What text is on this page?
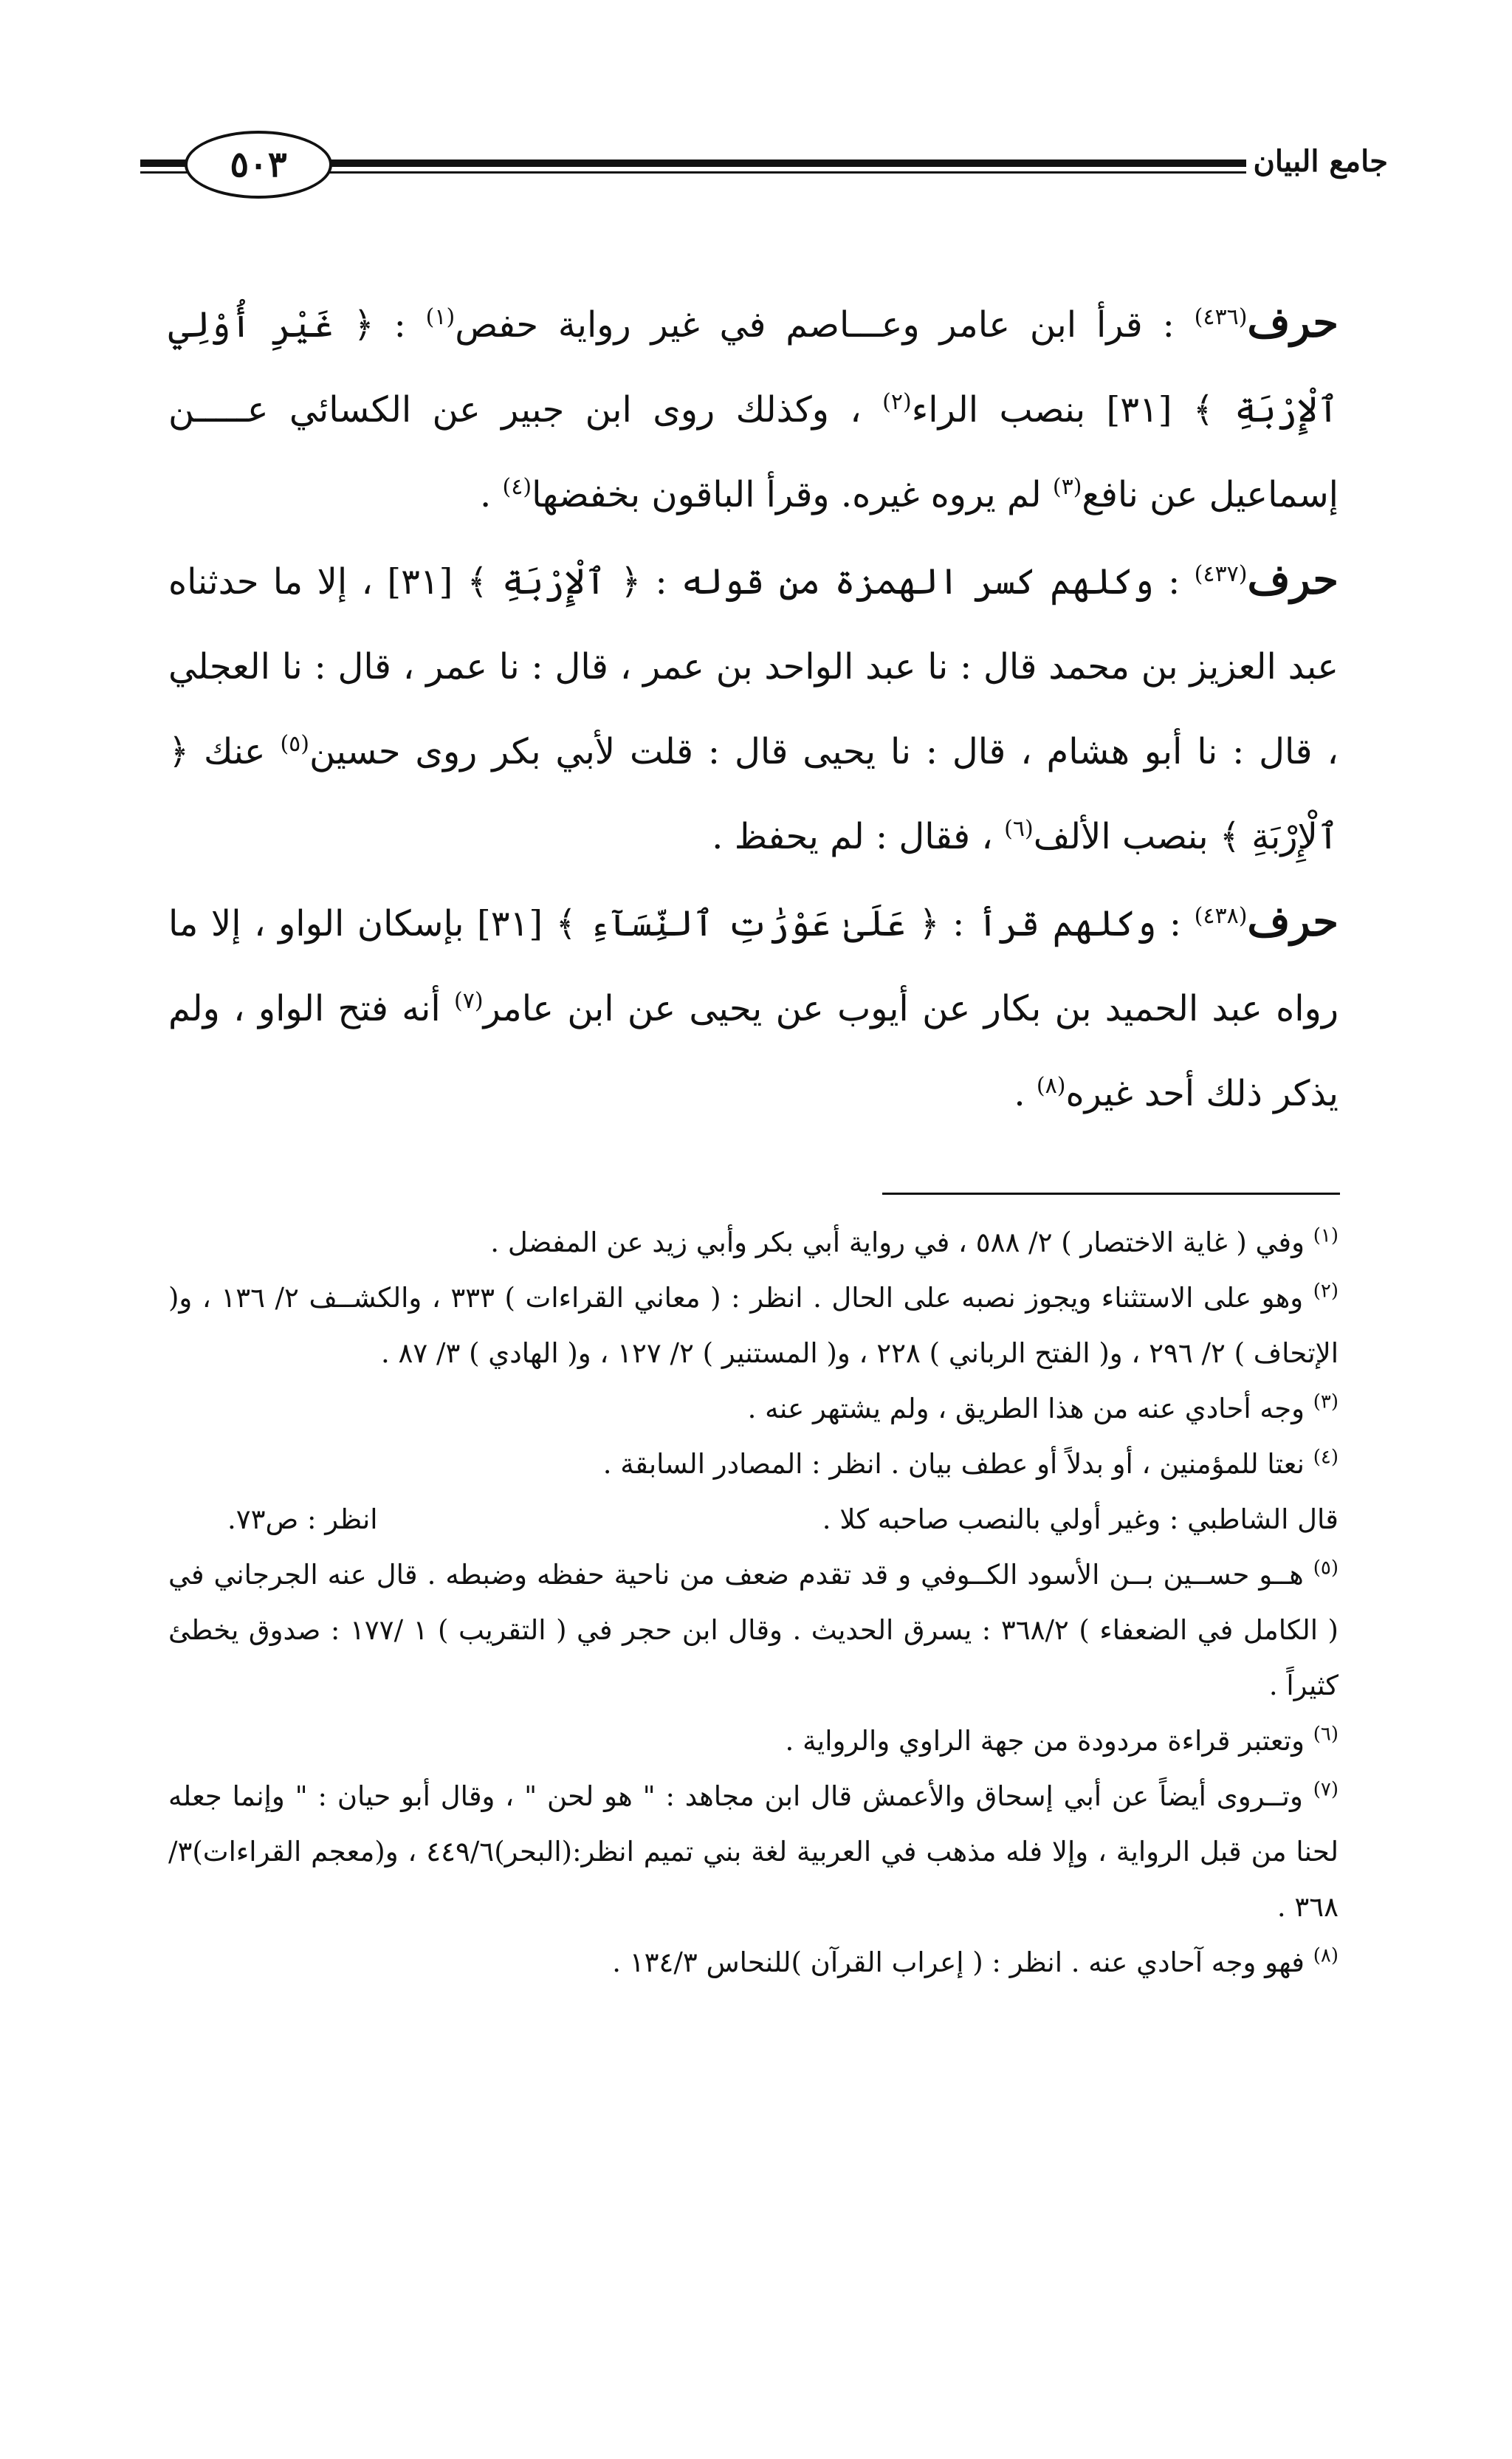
٥٠٣	جامع البيان

حرف$^{(٤٣٦)}$ : قرأ ابن عامر وعـــاصم في غير رواية حفص$^{(١)}$ : ﴿ غَيْرِ أُوْلِي ٱلْإِرْبَةِ ﴾ [٣١] بنصب الراء$^{(٢)}$ ، وكذلك روى ابن جبير عن الكسائي عـــــن إسماعيل عن نافع$^{(٣)}$ لم يروه غيره. وقرأ الباقون بخفضها$^{(٤)}$ .

حرف$^{(٤٣٧)}$ : وكلهم كسر الهمزة من قوله : ﴿ ٱلْإِرْبَةِ ﴾ [٣١] ، إلا ما حدثناه عبد العزيز بن محمد قال : نا عبد الواحد بن عمر ، قال : نا عمر ، قال : نا العجلي ، قال : نا أبو هشام ، قال : نا يحيى قال : قلت لأبي بكر روى حسين$^{(٥)}$ عنك ﴿ ٱلْإِرْبَةِ ﴾ بنصب الألف$^{(٦)}$ ، فقال : لم يحفظ .

حرف$^{(٤٣٨)}$ : وكلهم قرأ : ﴿ عَلَىٰ عَوْرَٰتِ ٱلنِّسَآءِ ﴾ [٣١] بإسكان الواو ، إلا ما رواه عبد الحميد بن بكار عن أيوب عن يحيى عن ابن عامر$^{(٧)}$ أنه فتح الواو ، ولم يذكر ذلك أحد غيره$^{(٨)}$ .

$^{(١)}$ وفي ( غاية الاختصار ) ٢/ ٥٨٨ ، في رواية أبي بكر وأبي زيد عن المفضل .

$^{(٢)}$ وهو على الاستثناء ويجوز نصبه على الحال . انظر : ( معاني القراءات ) ٣٣٣ ، والكشــف ٢/ ١٣٦ ، و( الإتحاف ) ٢/ ٢٩٦ ، و( الفتح الرباني ) ٢٢٨ ، و( المستنير ) ٢/ ١٢٧ ، و( الهادي ) ٣/ ٨٧ .

$^{(٣)}$ وجه أحادي عنه من هذا الطريق ، ولم يشتهر عنه .

$^{(٤)}$ نعتا للمؤمنين ، أو بدلاً أو عطف بيان . انظر : المصادر السابقة .

قال الشاطبي : وغير أولي بالنصب صاحبه كلا .
انظر : ص٧٣.

$^{(٥)}$ هــو حســين بــن الأسود الكــوفي و قد تقدم ضعف من ناحية حفظه وضبطه . قال عنه الجرجاني في ( الكامل في الضعفاء ) ٣٦٨/٢ : يسرق الحديث . وقال ابن حجر في ( التقريب ) ١ /١٧٧ : صدوق يخطئ كثيراً .

$^{(٦)}$ وتعتبر قراءة مردودة من جهة الراوي والرواية .

$^{(٧)}$ وتــروى أيضاً عن أبي إسحاق والأعمش قال ابن مجاهد : " هو لحن " ، وقال أبو حيان : " وإنما جعله لحنا من قبل الرواية ، وإلا فله مذهب في العربية لغة بني تميم انظر:(البحر)٤٤٩/٦ ، و(معجم القراءات)٣/ ٣٦٨ .

$^{(٨)}$ فهو وجه آحادي عنه . انظر : ( إعراب القرآن )للنحاس ١٣٤/٣ .
